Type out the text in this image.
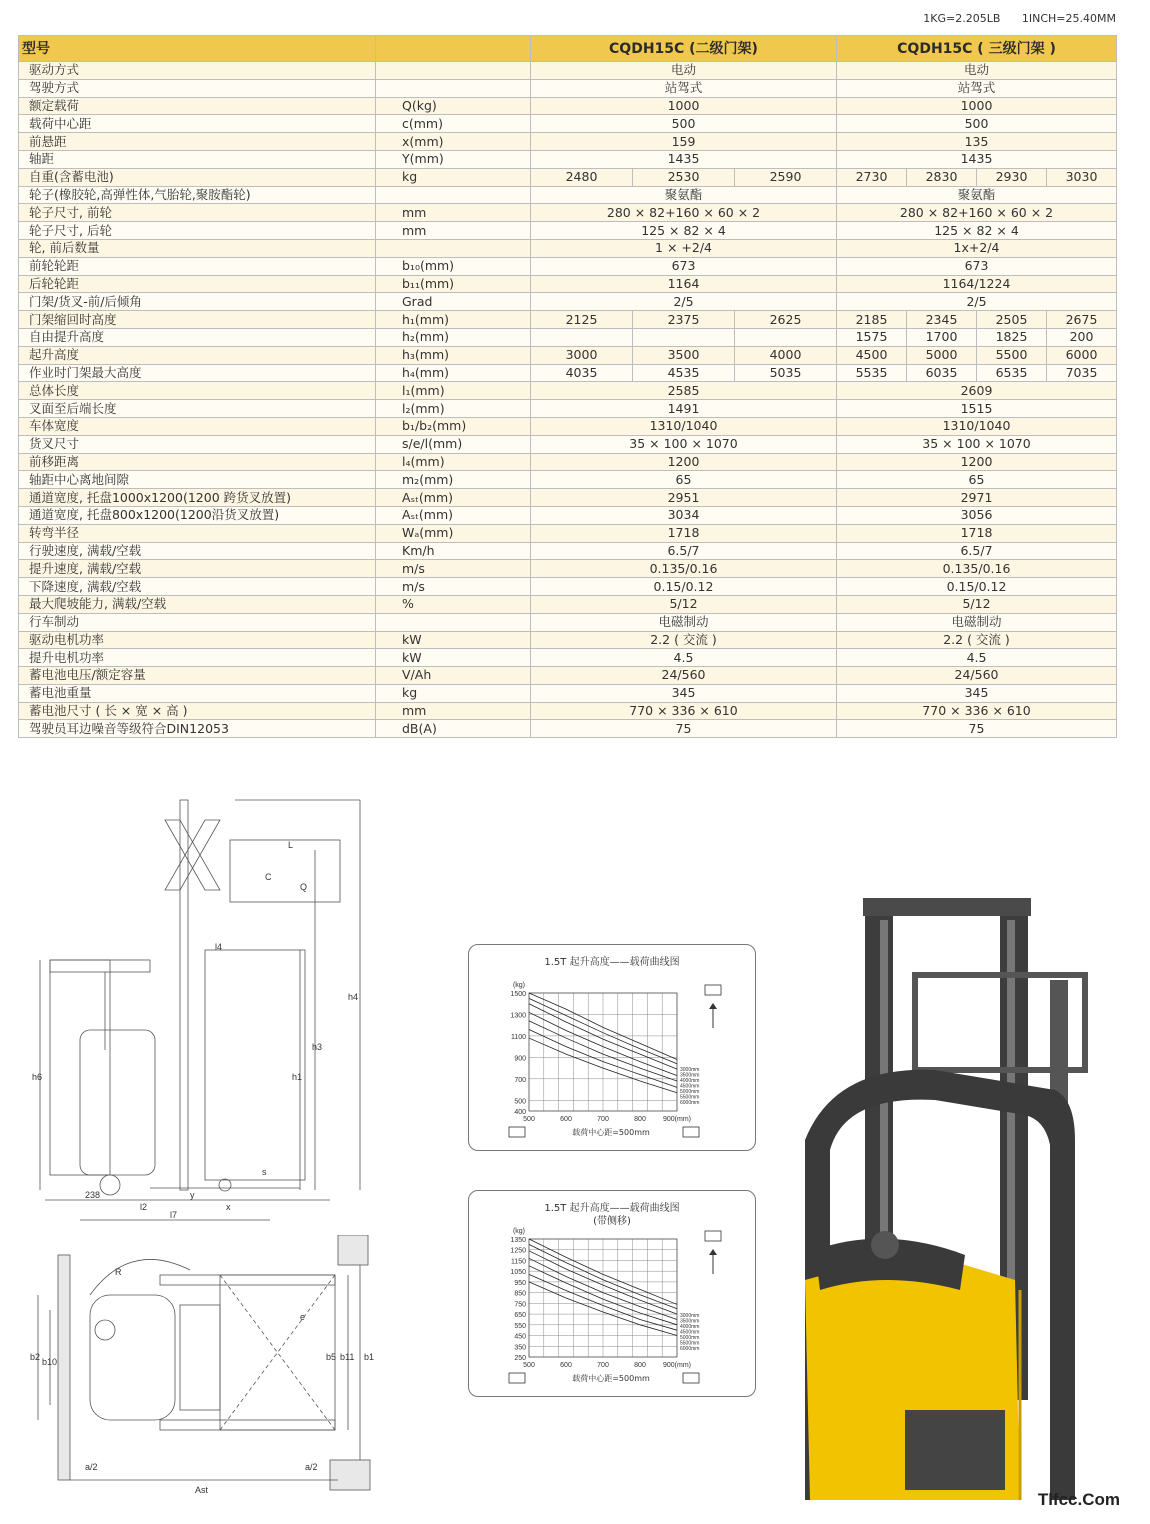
1KG=2.205LB 1INCH=25.40MM
型号		CQDH15C (二级门架)			CQDH15C ( 三级门架 )			
驱动方式		电动			电动			
驾驶方式		站驾式			站驾式			
额定载荷	Q(kg)	1000			1000			
载荷中心距	c(mm)	500			500			
前悬距	x(mm)	159			135			
轴距	Y(mm)	1435			1435			
自重(含蓄电池)	kg	2480	2530	2590	2730	2830	2930	3030
轮子(橡胶轮,高弹性体,气胎轮,聚胺酯轮)		聚氨酯			聚氨酯			
轮子尺寸, 前轮	mm	280 × 82+160 × 60 × 2			280 × 82+160 × 60 × 2			
轮子尺寸, 后轮	mm	125 × 82 × 4			125 × 82 × 4			
轮, 前后数量		1 × +2/4			1x+2/4			
前轮轮距	b₁₀(mm)	673			673			
后轮轮距	b₁₁(mm)	1164			1164/1224			
门架/货叉-前/后倾角	Grad	2/5			2/5			
门架缩回时高度	h₁(mm)	2125	2375	2625	2185	2345	2505	2675
自由提升高度	h₂(mm)				1575	1700	1825	200
起升高度	h₃(mm)	3000	3500	4000	4500	5000	5500	6000
作业时门架最大高度	h₄(mm)	4035	4535	5035	5535	6035	6535	7035
总体长度	l₁(mm)	2585			2609			
叉面至后端长度	l₂(mm)	1491			1515			
车体宽度	b₁/b₂(mm)	1310/1040			1310/1040			
货叉尺寸	s/e/l(mm)	35 × 100 × 1070			35 × 100 × 1070			
前移距离	l₄(mm)	1200			1200			
轴距中心离地间隙	m₂(mm)	65			65			
通道宽度, 托盘1000x1200(1200 跨货叉放置)	Aₛₜ(mm)	2951			2971			
通道宽度, 托盘800x1200(1200沿货叉放置)	Aₛₜ(mm)	3034			3056			
转弯半径	Wₐ(mm)	1718			1718			
行驶速度, 满载/空载	Km/h	6.5/7			6.5/7			
提升速度, 满载/空载	m/s	0.135/0.16			0.135/0.16			
下降速度, 满载/空载	m/s	0.15/0.12			0.15/0.12			
最大爬坡能力, 满载/空载	%	5/12			5/12			
行车制动		电磁制动			电磁制动			
驱动电机功率	kW	2.2 ( 交流 )			2.2 ( 交流 )			
提升电机功率	kW	4.5			4.5			
蓄电池电压/额定容量	V/Ah	24/560			24/560			
蓄电池重量	kg	345			345			
蓄电池尺寸 ( 长 × 宽 × 高 )	mm	770 × 336 × 610			770 × 336 × 610			
驾驶员耳边噪音等级符合DIN12053	dB(A)	75			75			
L
C
Q
l4
h4
h3
h1
h6
s
238
l2	x
y
l7
R
b2 b10
e
b5 b11 b1
a/2	a/2
Ast
1.5T 起升高度——载荷曲线图
(kg)
1500
1300
1100
900
700
500
400
500	600	700	800 900(mm)
载荷中心距=500mm
3000mm
3500mm
4000mm
4500mm
5000mm
5500mm
6000mm
1.5T 起升高度——载荷曲线图
(带侧移)
(kg)
1350
1250
1150
1050
950
850
750
650
550
450
350
250
500	600	700	800 900(mm)
载荷中心距=500mm
3000mm
3500mm
4000mm
4500mm
5000mm
5500mm
6000mm
Tlfcc.Com
